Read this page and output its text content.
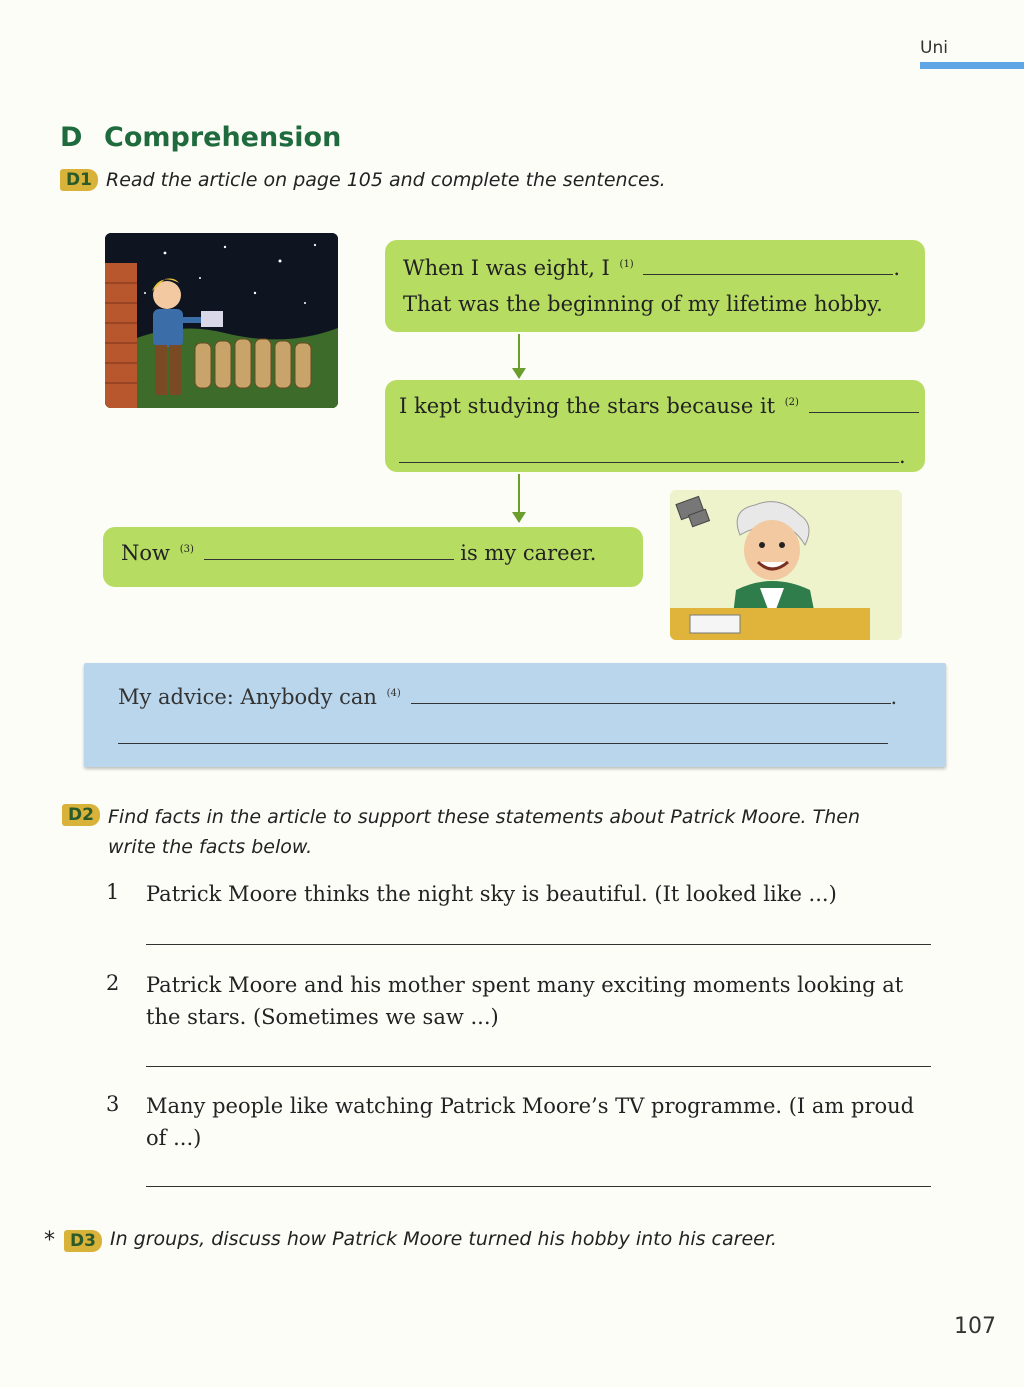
Uni
D Comprehension
D1 Read the article on page 105 and complete the sentences.
When I was eight, I $^{(1)}$	.
That was the beginning of my lifetime hobby.
I kept studying the stars because it $^{(2)}$
.
Now $^{(3)}$	is my career.
My advice: Anybody can $^{(4)}$	.
D2 Find facts in the article to support these statements about Patrick Moore. Then write the facts below.
1 Patrick Moore thinks the night sky is beautiful. (It looked like ...)
2 Patrick Moore and his mother spent many exciting moments looking at the stars. (Sometimes we saw ...)
3 Many people like watching Patrick Moore’s TV programme. (I am proud of ...)
* D3 In groups, discuss how Patrick Moore turned his hobby into his career.
107
